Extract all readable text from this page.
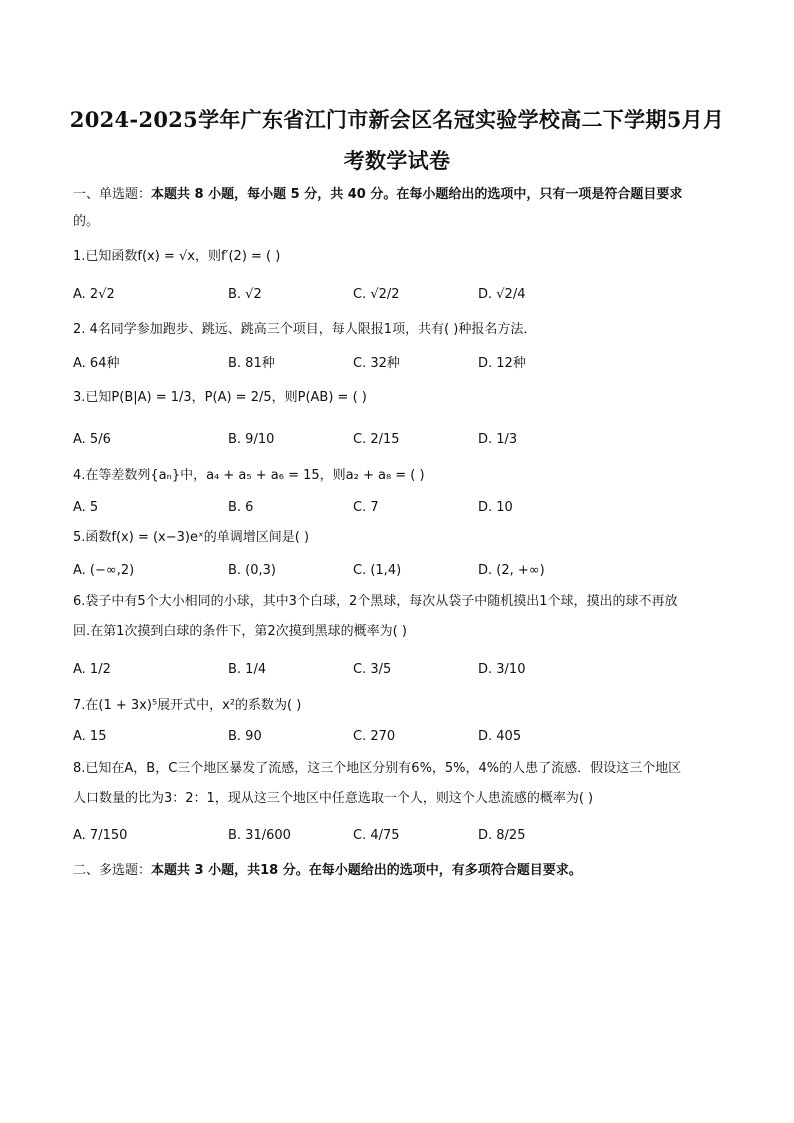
2024-2025学年广东省江门市新会区名冠实验学校高二下学期5月月
考数学试卷
一、单选题：本题共 8 小题，每小题 5 分，共 40 分。在每小题给出的选项中，只有一项是符合题目要求
的。
1.已知函数f(x) = √x，则f′(2) = ( )
A. 2√2	B. √2	C. √2/2	D. √2/4
2. 4名同学参加跑步、跳远、跳高三个项目，每人限报1项，共有( )种报名方法．
A. 64种	B. 81种	C. 32种	D. 12种
3.已知P(B|A) = 1/3，P(A) = 2/5，则P(AB) = ( )
A. 5/6	B. 9/10	C. 2/15	D. 1/3
4.在等差数列{aₙ}中，a₄ + a₅ + a₆ = 15，则a₂ + a₈ = ( )
A. 5	B. 6	C. 7	D. 10
5.函数f(x) = (x−3)eˣ的单调增区间是( )
A. (−∞,2)	B. (0,3)	C. (1,4)	D. (2, +∞)
6.袋子中有5个大小相同的小球，其中3个白球，2个黑球，每次从袋子中随机摸出1个球，摸出的球不再放
回.在第1次摸到白球的条件下，第2次摸到黑球的概率为( )
A. 1/2	B. 1/4	C. 3/5	D. 3/10
7.在(1 + 3x)⁵展开式中，x²的系数为( )
A. 15	B. 90	C. 270	D. 405
8.已知在A，B，C三个地区暴发了流感，这三个地区分别有6%，5%，4%的人患了流感．假设这三个地区
人口数量的比为3：2：1，现从这三个地区中任意选取一个人，则这个人患流感的概率为( )
A. 7/150	B. 31/600	C. 4/75	D. 8/25
二、多选题：本题共 3 小题，共18 分。在每小题给出的选项中，有多项符合题目要求。
